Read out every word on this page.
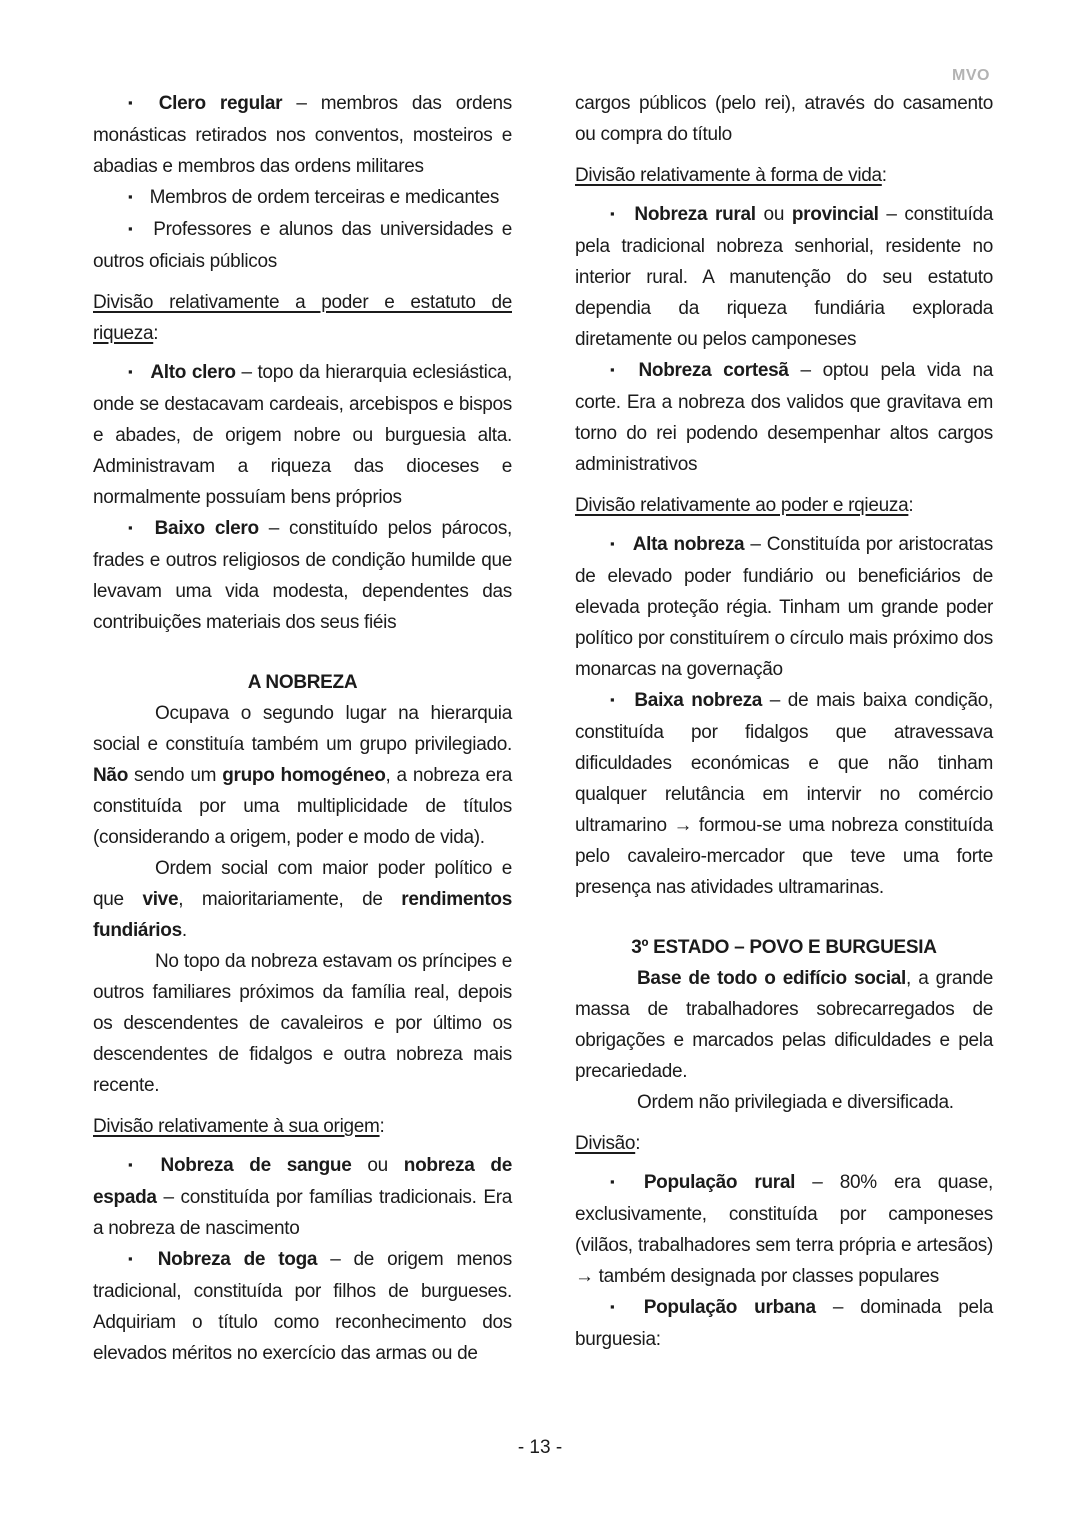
MVO
▪ Clero regular – membros das ordens monásticas retirados nos conventos, mosteiros e abadias e membros das ordens militares
▪ Membros de ordem terceiras e medicantes
▪ Professores e alunos das universidades e outros oficiais públicos
Divisão relativamente a poder e estatuto de riqueza:
▪ Alto clero – topo da hierarquia eclesiástica, onde se destacavam cardeais, arcebispos e bispos e abades, de origem nobre ou burguesia alta. Administravam a riqueza das dioceses e normalmente possuíam bens próprios
▪ Baixo clero – constituído pelos párocos, frades e outros religiosos de condição humilde que levavam uma vida modesta, dependentes das contribuições materiais dos seus fiéis
A NOBREZA
Ocupava o segundo lugar na hierarquia social e constituía também um grupo privilegiado. Não sendo um grupo homogéneo, a nobreza era constituída por uma multiplicidade de títulos (considerando a origem, poder e modo de vida).
Ordem social com maior poder político e que vive, maioritariamente, de rendimentos fundiários.
No topo da nobreza estavam os príncipes e outros familiares próximos da família real, depois os descendentes de cavaleiros e por último os descendentes de fidalgos e outra nobreza mais recente.
Divisão relativamente à sua origem:
▪ Nobreza de sangue ou nobreza de espada – constituída por famílias tradicionais. Era a nobreza de nascimento
▪ Nobreza de toga – de origem menos tradicional, constituída por filhos de burgueses. Adquiriam o título como reconhecimento dos elevados méritos no exercício das armas ou de
cargos públicos (pelo rei), através do casamento ou compra do título
Divisão relativamente à forma de vida:
▪ Nobreza rural ou provincial – constituída pela tradicional nobreza senhorial, residente no interior rural. A manutenção do seu estatuto dependia da riqueza fundiária explorada diretamente ou pelos camponeses
▪ Nobreza cortesã – optou pela vida na corte. Era a nobreza dos validos que gravitava em torno do rei podendo desempenhar altos cargos administrativos
Divisão relativamente ao poder e rqieuza:
▪ Alta nobreza – Constituída por aristocratas de elevado poder fundiário ou beneficiários de elevada proteção régia. Tinham um grande poder político por constituírem o círculo mais próximo dos monarcas na governação
▪ Baixa nobreza – de mais baixa condição, constituída por fidalgos que atravessava dificuldades económicas e que não tinham qualquer relutância em intervir no comércio ultramarino → formou-se uma nobreza constituída pelo cavaleiro-mercador que teve uma forte presença nas atividades ultramarinas.
3º ESTADO – POVO E BURGUESIA
Base de todo o edifício social, a grande massa de trabalhadores sobrecarregados de obrigações e marcados pelas dificuldades e pela precariedade.
Ordem não privilegiada e diversificada.
Divisão:
▪ População rural – 80% era quase, exclusivamente, constituída por camponeses (vilãos, trabalhadores sem terra própria e artesãos) → também designada por classes populares
▪ População urbana – dominada pela burguesia:
- 13 -
